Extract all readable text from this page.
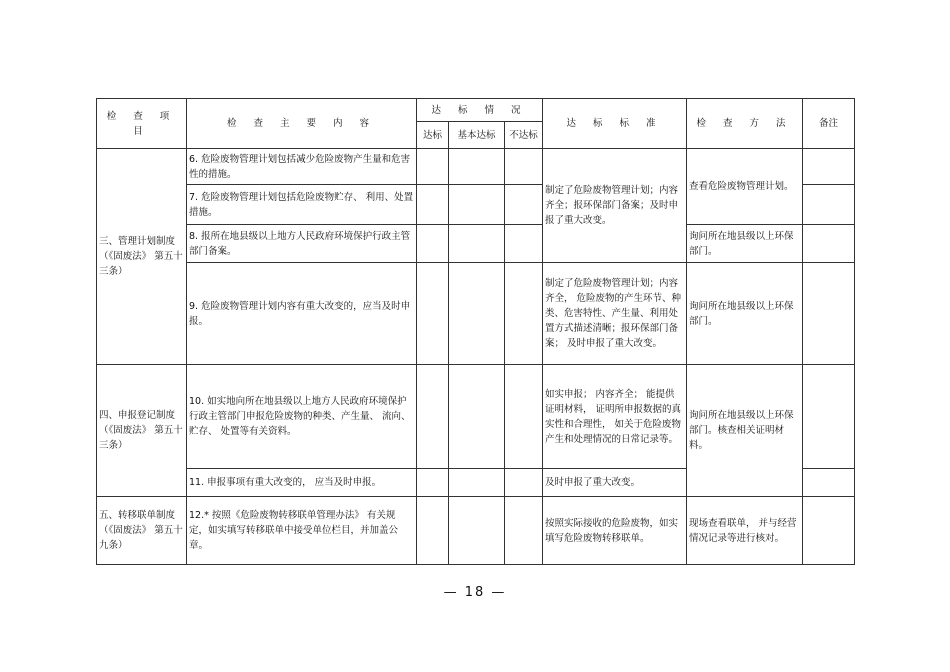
检 查 项 目	检 查 主 要 内 容	达 标 情 况			达 标 标 准	检 查 方 法	备注
		达标	基本达标	不达标			
三、管理计划制度（《固废法》 第五十三条）	6. 危险废物管理计划包括减少危险废物产生量和危害性的措施。				制定了危险废物管理计划；内容齐全；报环保部门备案；及时申报了重大改变。	查看危险废物管理计划。	
	7. 危险废物管理计划包括危险废物贮存、 利用、处置措施。						
	8. 报所在地县级以上地方人民政府环境保护行政主管部门备案。					询问所在地县级以上环保部门。	
	9. 危险废物管理计划内容有重大改变的，应当及时申报。				制定了危险废物管理计划；内容齐全， 危险废物的产生环节、种类、危害特性、产生量、利用处置方式描述清晰；报环保部门备案； 及时申报了重大改变。	询问所在地县级以上环保部门。	
四、申报登记制度（《固废法》 第五十三条）	10. 如实地向所在地县级以上地方人民政府环境保护行政主管部门申报危险废物的种类、产生量、 流向、贮存、 处置等有关资料。				如实申报； 内容齐全； 能提供证明材料， 证明所申报数据的真实性和合理性， 如关于危险废物产生和处理情况的日常记录等。	询问所在地县级以上环保部门。核查相关证明材料。	
	11. 申报事项有重大改变的， 应当及时申报。				及时申报了重大改变。		
五、转移联单制度（《固废法》 第五十九条）	12.* 按照《危险废物转移联单管理办法》 有关规定，如实填写转移联单中接受单位栏目，并加盖公章。				按照实际接收的危险废物，如实填写危险废物转移联单。	现场查看联单， 并与经营情况记录等进行核对。	
— 18 —
